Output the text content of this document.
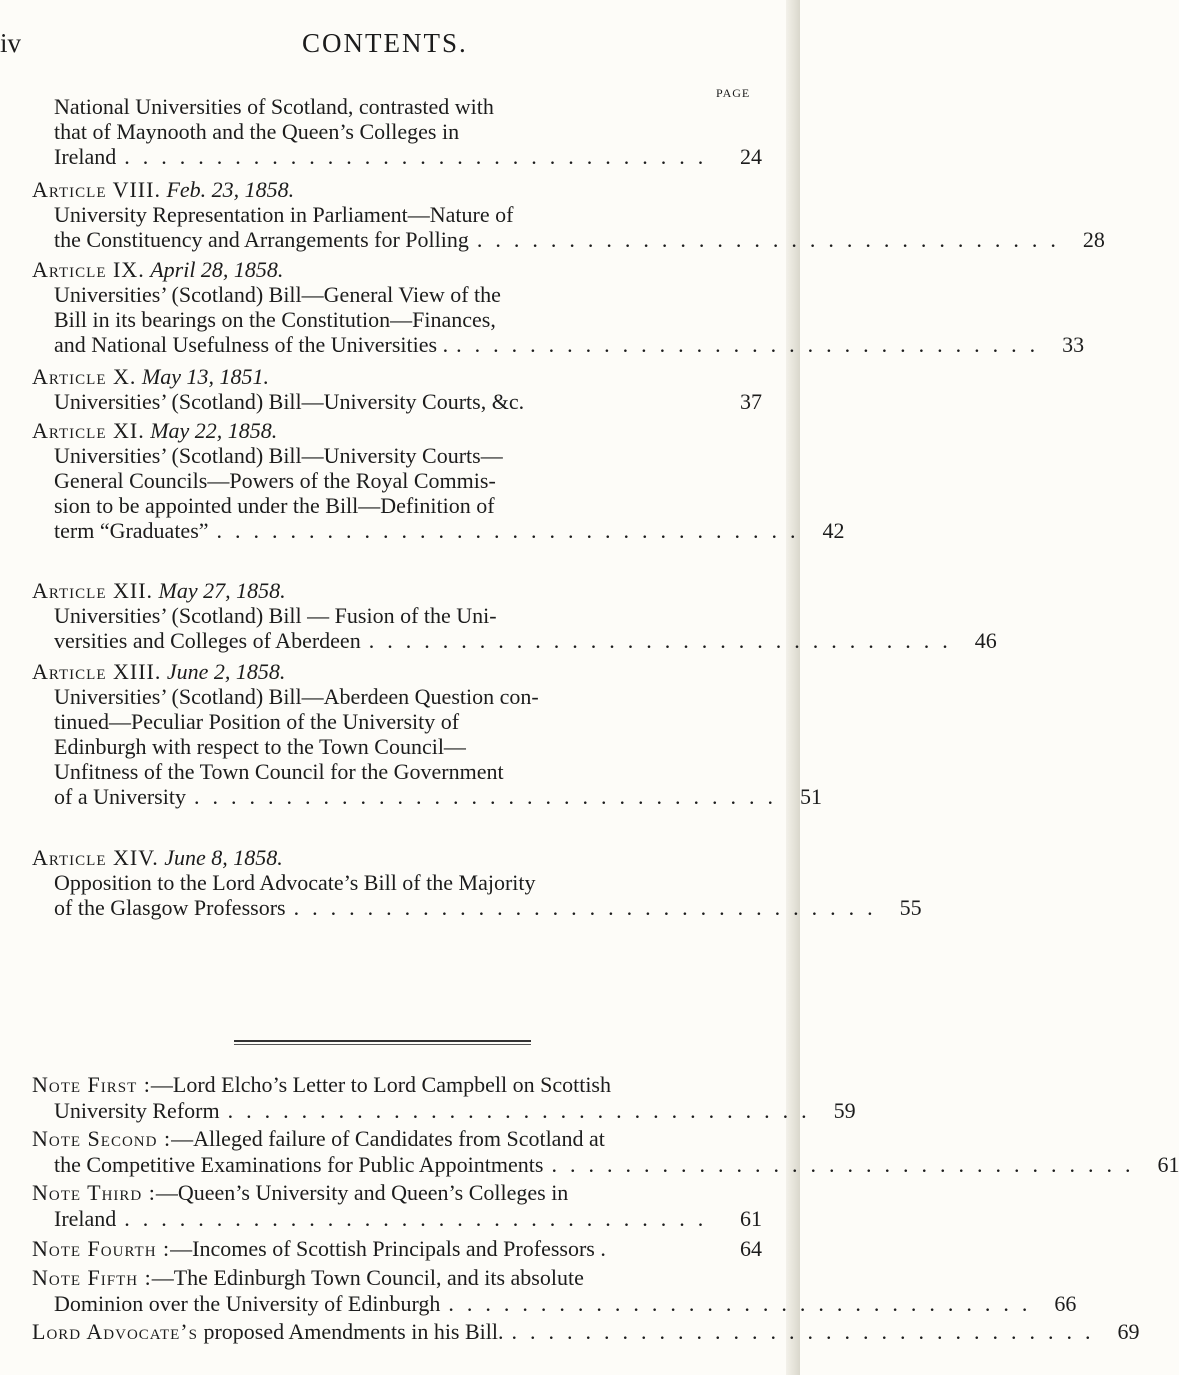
iv	CONTENTS.
PAGE
National Universities of Scotland, contrasted with
that of Maynooth and the Queen’s Colleges in
Ireland ................................	24
Article VIII. Feb. 23, 1858.
University Representation in Parliament—Nature of
the Constituency and Arrangements for Polling ................................ 28
Article IX. April 28, 1858.
Universities’ (Scotland) Bill—General View of the
Bill in its bearings on the Constitution—Finances,
and National Usefulness of the Universities . ................................ 33
Article X. May 13, 1851.
Universities’ (Scotland) Bill—University Courts, &c.	37
Article XI. May 22, 1858.
Universities’ (Scotland) Bill—University Courts—
General Councils—Powers of the Royal Commis-
sion to be appointed under the Bill—Definition of
term “Graduates” ................................ 42
Article XII. May 27, 1858.
Universities’ (Scotland) Bill — Fusion of the Uni-
versities and Colleges of Aberdeen ................................ 46
Article XIII. June 2, 1858.
Universities’ (Scotland) Bill—Aberdeen Question con-
tinued—Peculiar Position of the University of
Edinburgh with respect to the Town Council—
Unfitness of the Town Council for the Government
of a University ................................ 51
Article XIV. June 8, 1858.
Opposition to the Lord Advocate’s Bill of the Majority
of the Glasgow Professors ................................ 55
Note First :—Lord Elcho’s Letter to Lord Campbell on Scottish
University Reform ................................ 59
Note Second :—Alleged failure of Candidates from Scotland at
the Competitive Examinations for Public Appointments ................................ 61
Note Third :—Queen’s University and Queen’s Colleges in
Ireland ................................	61
Note Fourth :—Incomes of Scottish Principals and Professors .	64
Note Fifth :—The Edinburgh Town Council, and its absolute
Dominion over the University of Edinburgh ................................ 66
Lord Advocate’s proposed Amendments in his Bill. ................................ 69
